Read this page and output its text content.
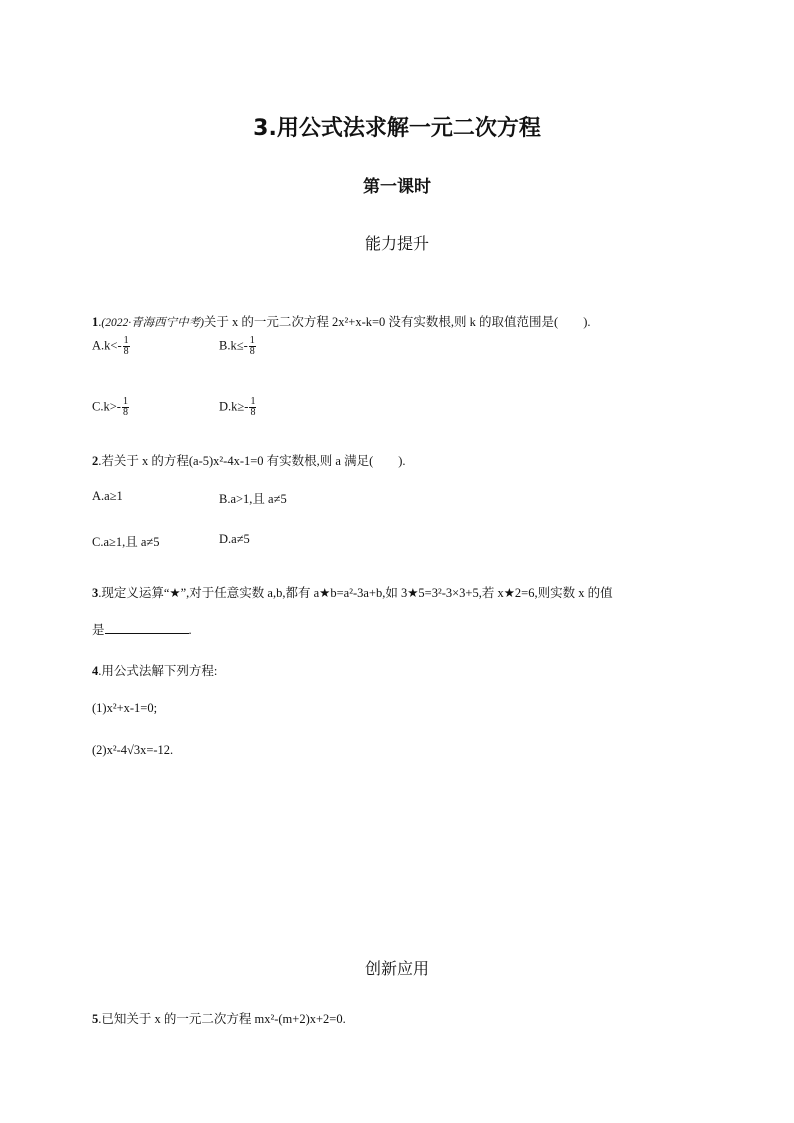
3.用公式法求解一元二次方程
第一课时
能力提升
1.(2022·青海西宁中考)关于 x 的一元二次方程 2x²+x-k=0 没有实数根,则 k 的取值范围是(　　).
$A.k<- \frac{1}{8}$	$B.k\le- \frac{1}{8}$
$C.k>- \frac{1}{8}$	$D.k\ge- \frac{1}{8}$
2.若关于 x 的方程(a-5)x²-4x-1=0 有实数根,则 a 满足(　　).
A.a≥1	B.a>1,且 a≠5
C.a≥1,且 a≠5	D.a≠5
3.现定义运算“★”,对于任意实数 a,b,都有 a★b=a²-3a+b,如 3★5=3²-3×3+5,若 x★2=6,则实数 x 的值
是	.
4.用公式法解下列方程:
(1)x²+x-1=0;
(2)x²-4√3x=-12.
创新应用
5.已知关于 x 的一元二次方程 mx²-(m+2)x+2=0.
